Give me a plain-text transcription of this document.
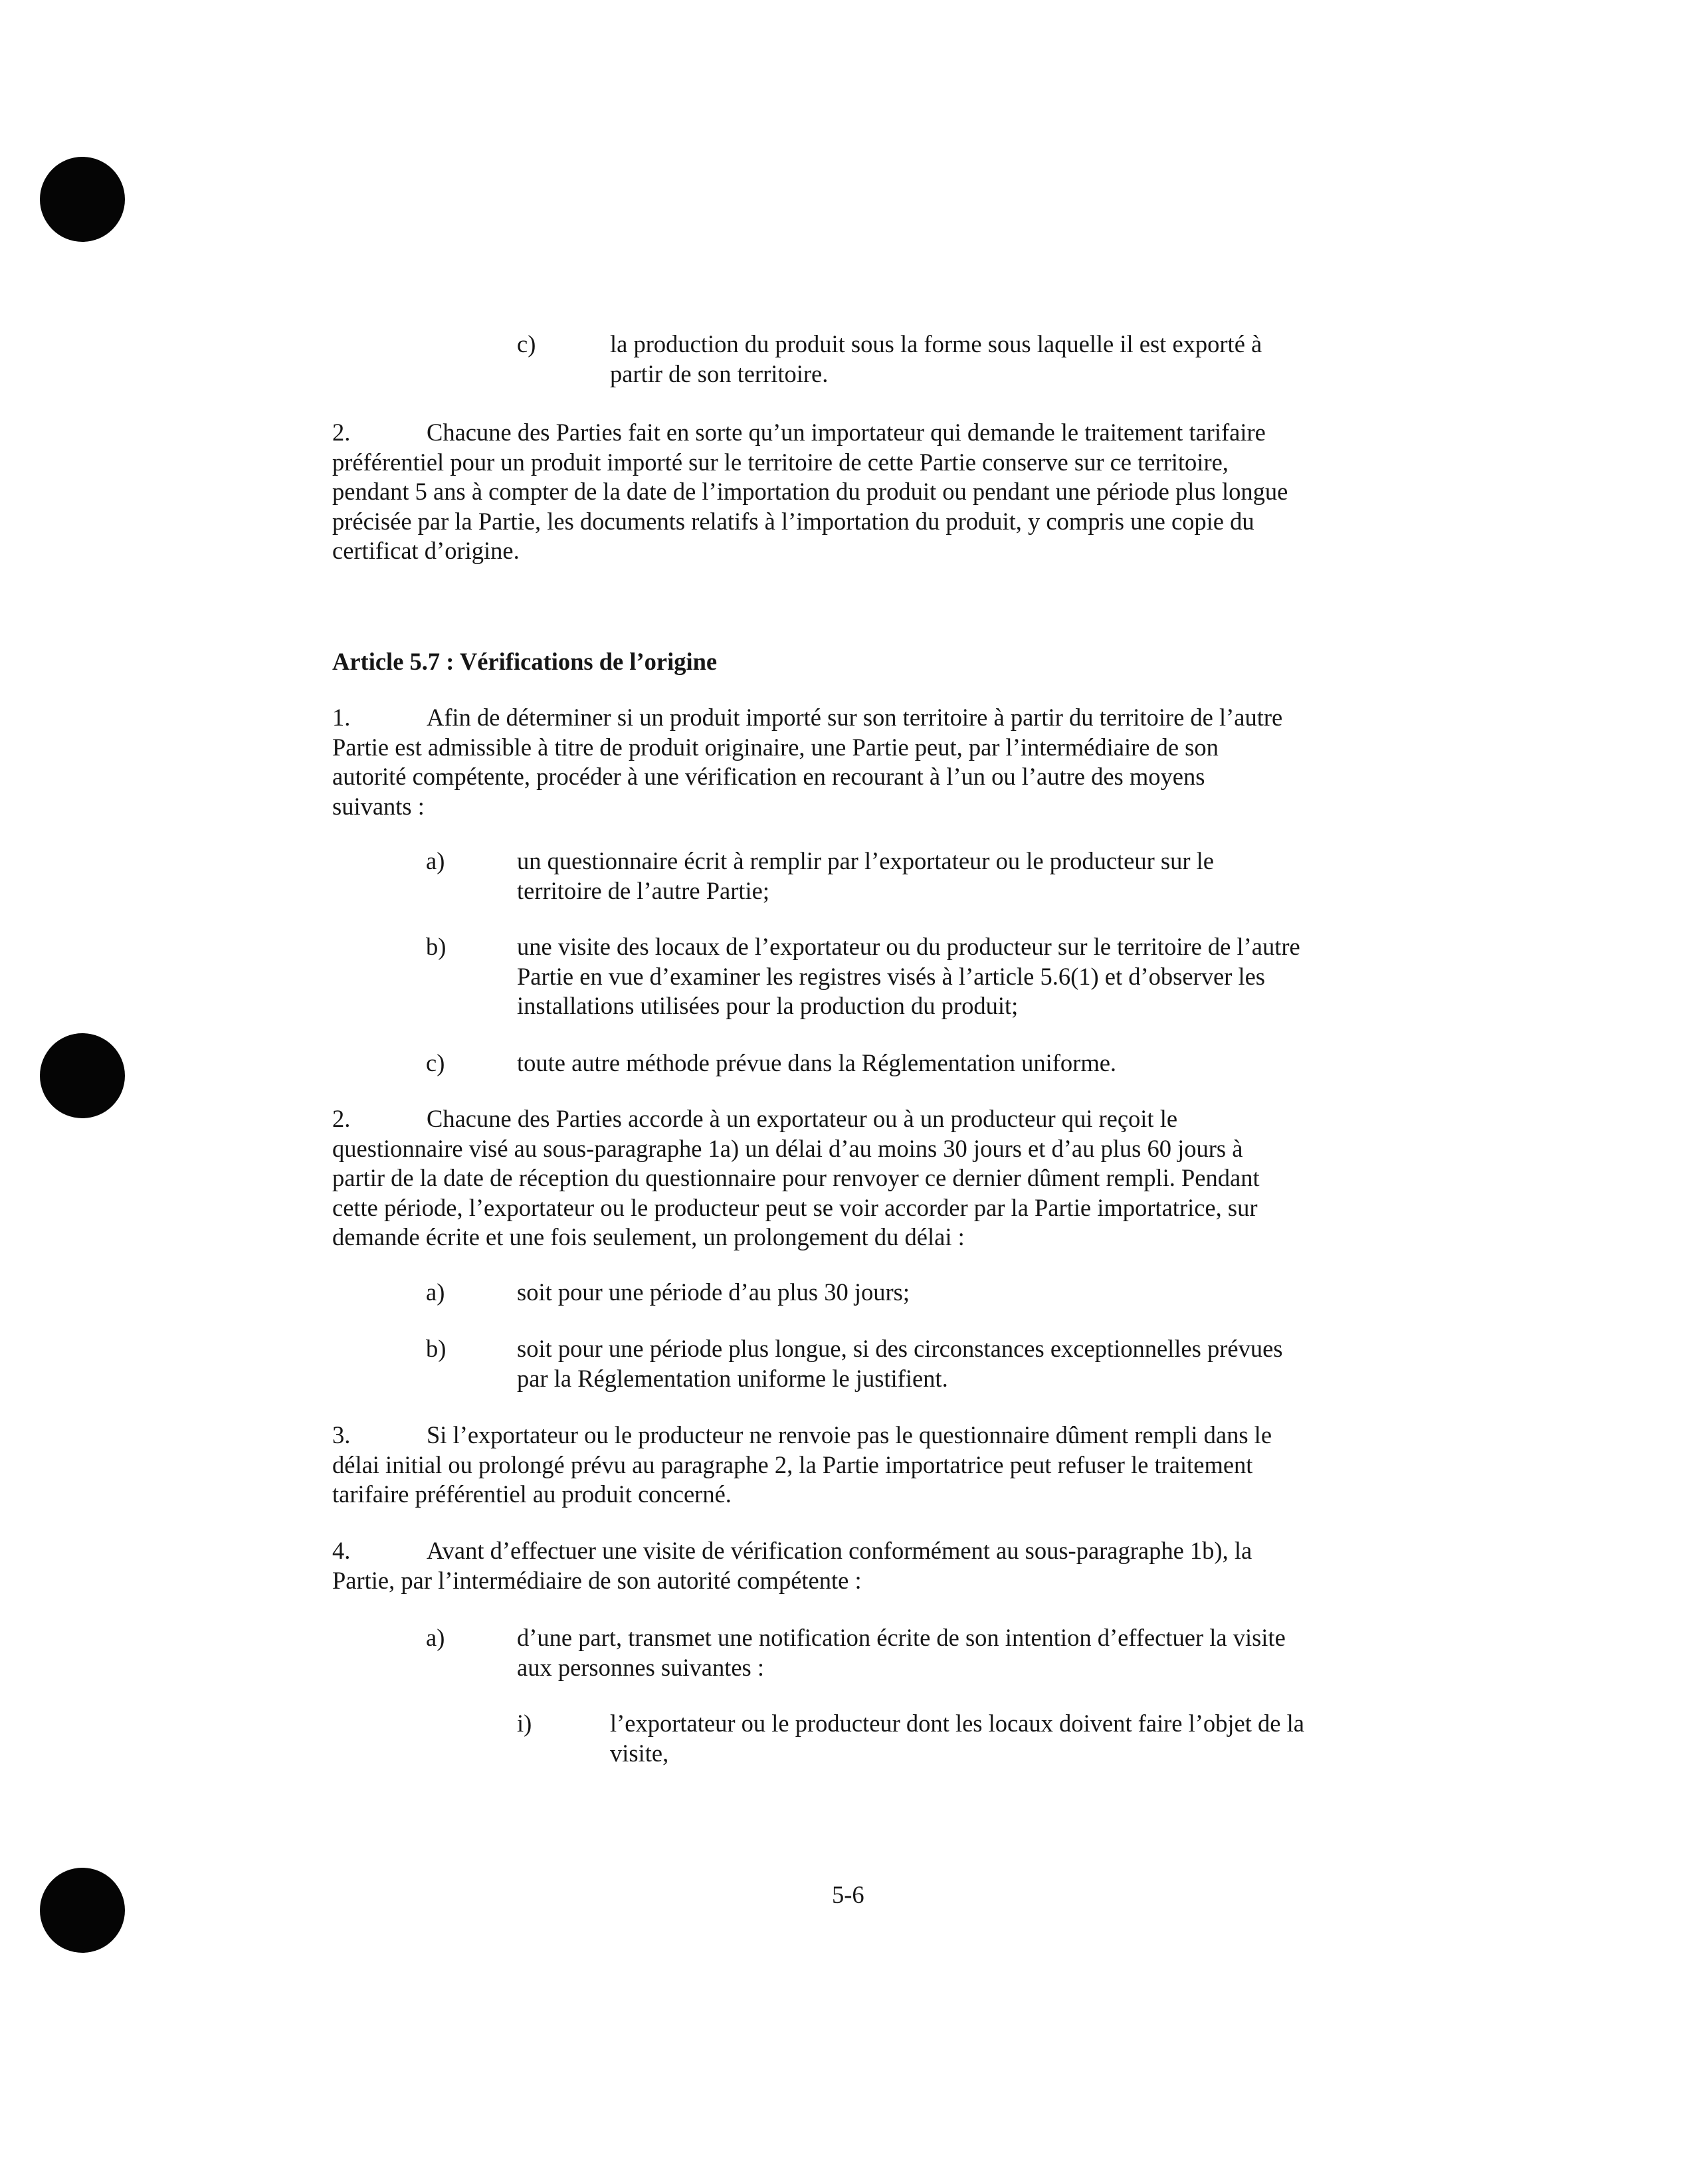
c)	la production du produit sous la forme sous laquelle il est exporté à
partir de son territoire.
2.	Chacune des Parties fait en sorte qu’un importateur qui demande le traitement tarifaire
préférentiel pour un produit importé sur le territoire de cette Partie conserve sur ce territoire,
pendant 5 ans à compter de la date de l’importation du produit ou pendant une période plus longue
précisée par la Partie, les documents relatifs à l’importation du produit, y compris une copie du
certificat d’origine.
Article 5.7 : Vérifications de l’origine
1.	Afin de déterminer si un produit importé sur son territoire à partir du territoire de l’autre
Partie est admissible à titre de produit originaire, une Partie peut, par l’intermédiaire de son
autorité compétente, procéder à une vérification en recourant à l’un ou l’autre des moyens
suivants :
a)	un questionnaire écrit à remplir par l’exportateur ou le producteur sur le
territoire de l’autre Partie;
b)	une visite des locaux de l’exportateur ou du producteur sur le territoire de l’autre
Partie en vue d’examiner les registres visés à l’article 5.6(1) et d’observer les
installations utilisées pour la production du produit;
c)	toute autre méthode prévue dans la Réglementation uniforme.
2.	Chacune des Parties accorde à un exportateur ou à un producteur qui reçoit le
questionnaire visé au sous-paragraphe 1a) un délai d’au moins 30 jours et d’au plus 60 jours à
partir de la date de réception du questionnaire pour renvoyer ce dernier dûment rempli. Pendant
cette période, l’exportateur ou le producteur peut se voir accorder par la Partie importatrice, sur
demande écrite et une fois seulement, un prolongement du délai :
a)	soit pour une période d’au plus 30 jours;
b)	soit pour une période plus longue, si des circonstances exceptionnelles prévues
par la Réglementation uniforme le justifient.
3.	Si l’exportateur ou le producteur ne renvoie pas le questionnaire dûment rempli dans le
délai initial ou prolongé prévu au paragraphe 2, la Partie importatrice peut refuser le traitement
tarifaire préférentiel au produit concerné.
4.	Avant d’effectuer une visite de vérification conformément au sous-paragraphe 1b), la
Partie, par l’intermédiaire de son autorité compétente :
a)	d’une part, transmet une notification écrite de son intention d’effectuer la visite
aux personnes suivantes :
i)	l’exportateur ou le producteur dont les locaux doivent faire l’objet de la
visite,
5-6
